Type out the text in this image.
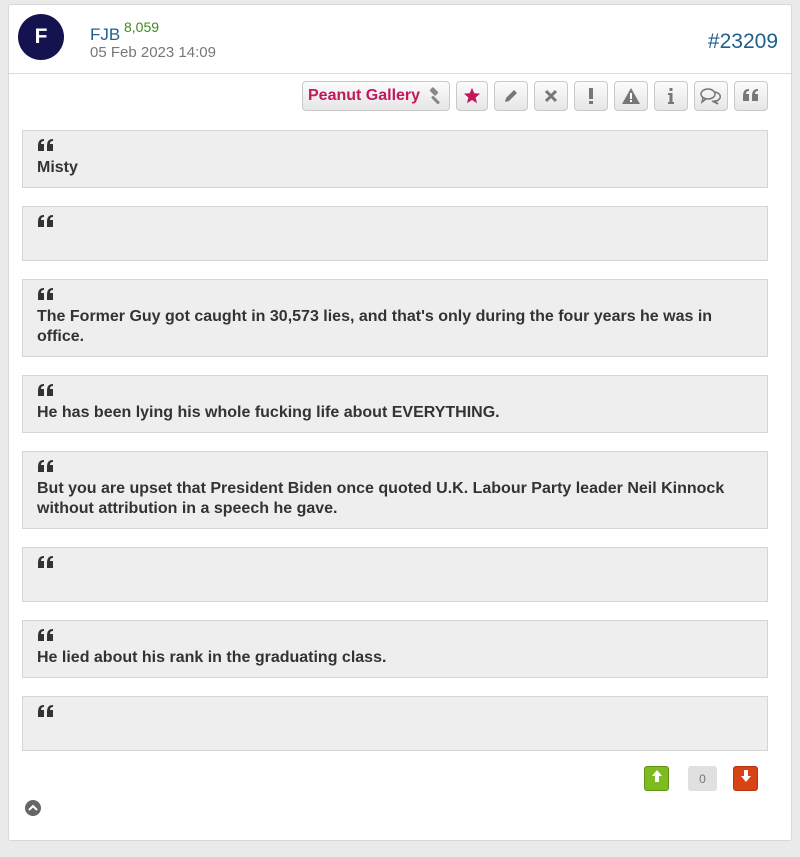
F	FJB 8,059
05 Feb 2023 14:09	#23209
Peanut Gallery
Misty
The Former Guy got caught in 30,573 lies, and that's only during the four years he was in office.
He has been lying his whole fucking life about EVERYTHING.
But you are upset that President Biden once quoted U.K. Labour Party leader Neil Kinnock without attribution in a speech he gave.
He lied about his rank in the graduating class.
0
